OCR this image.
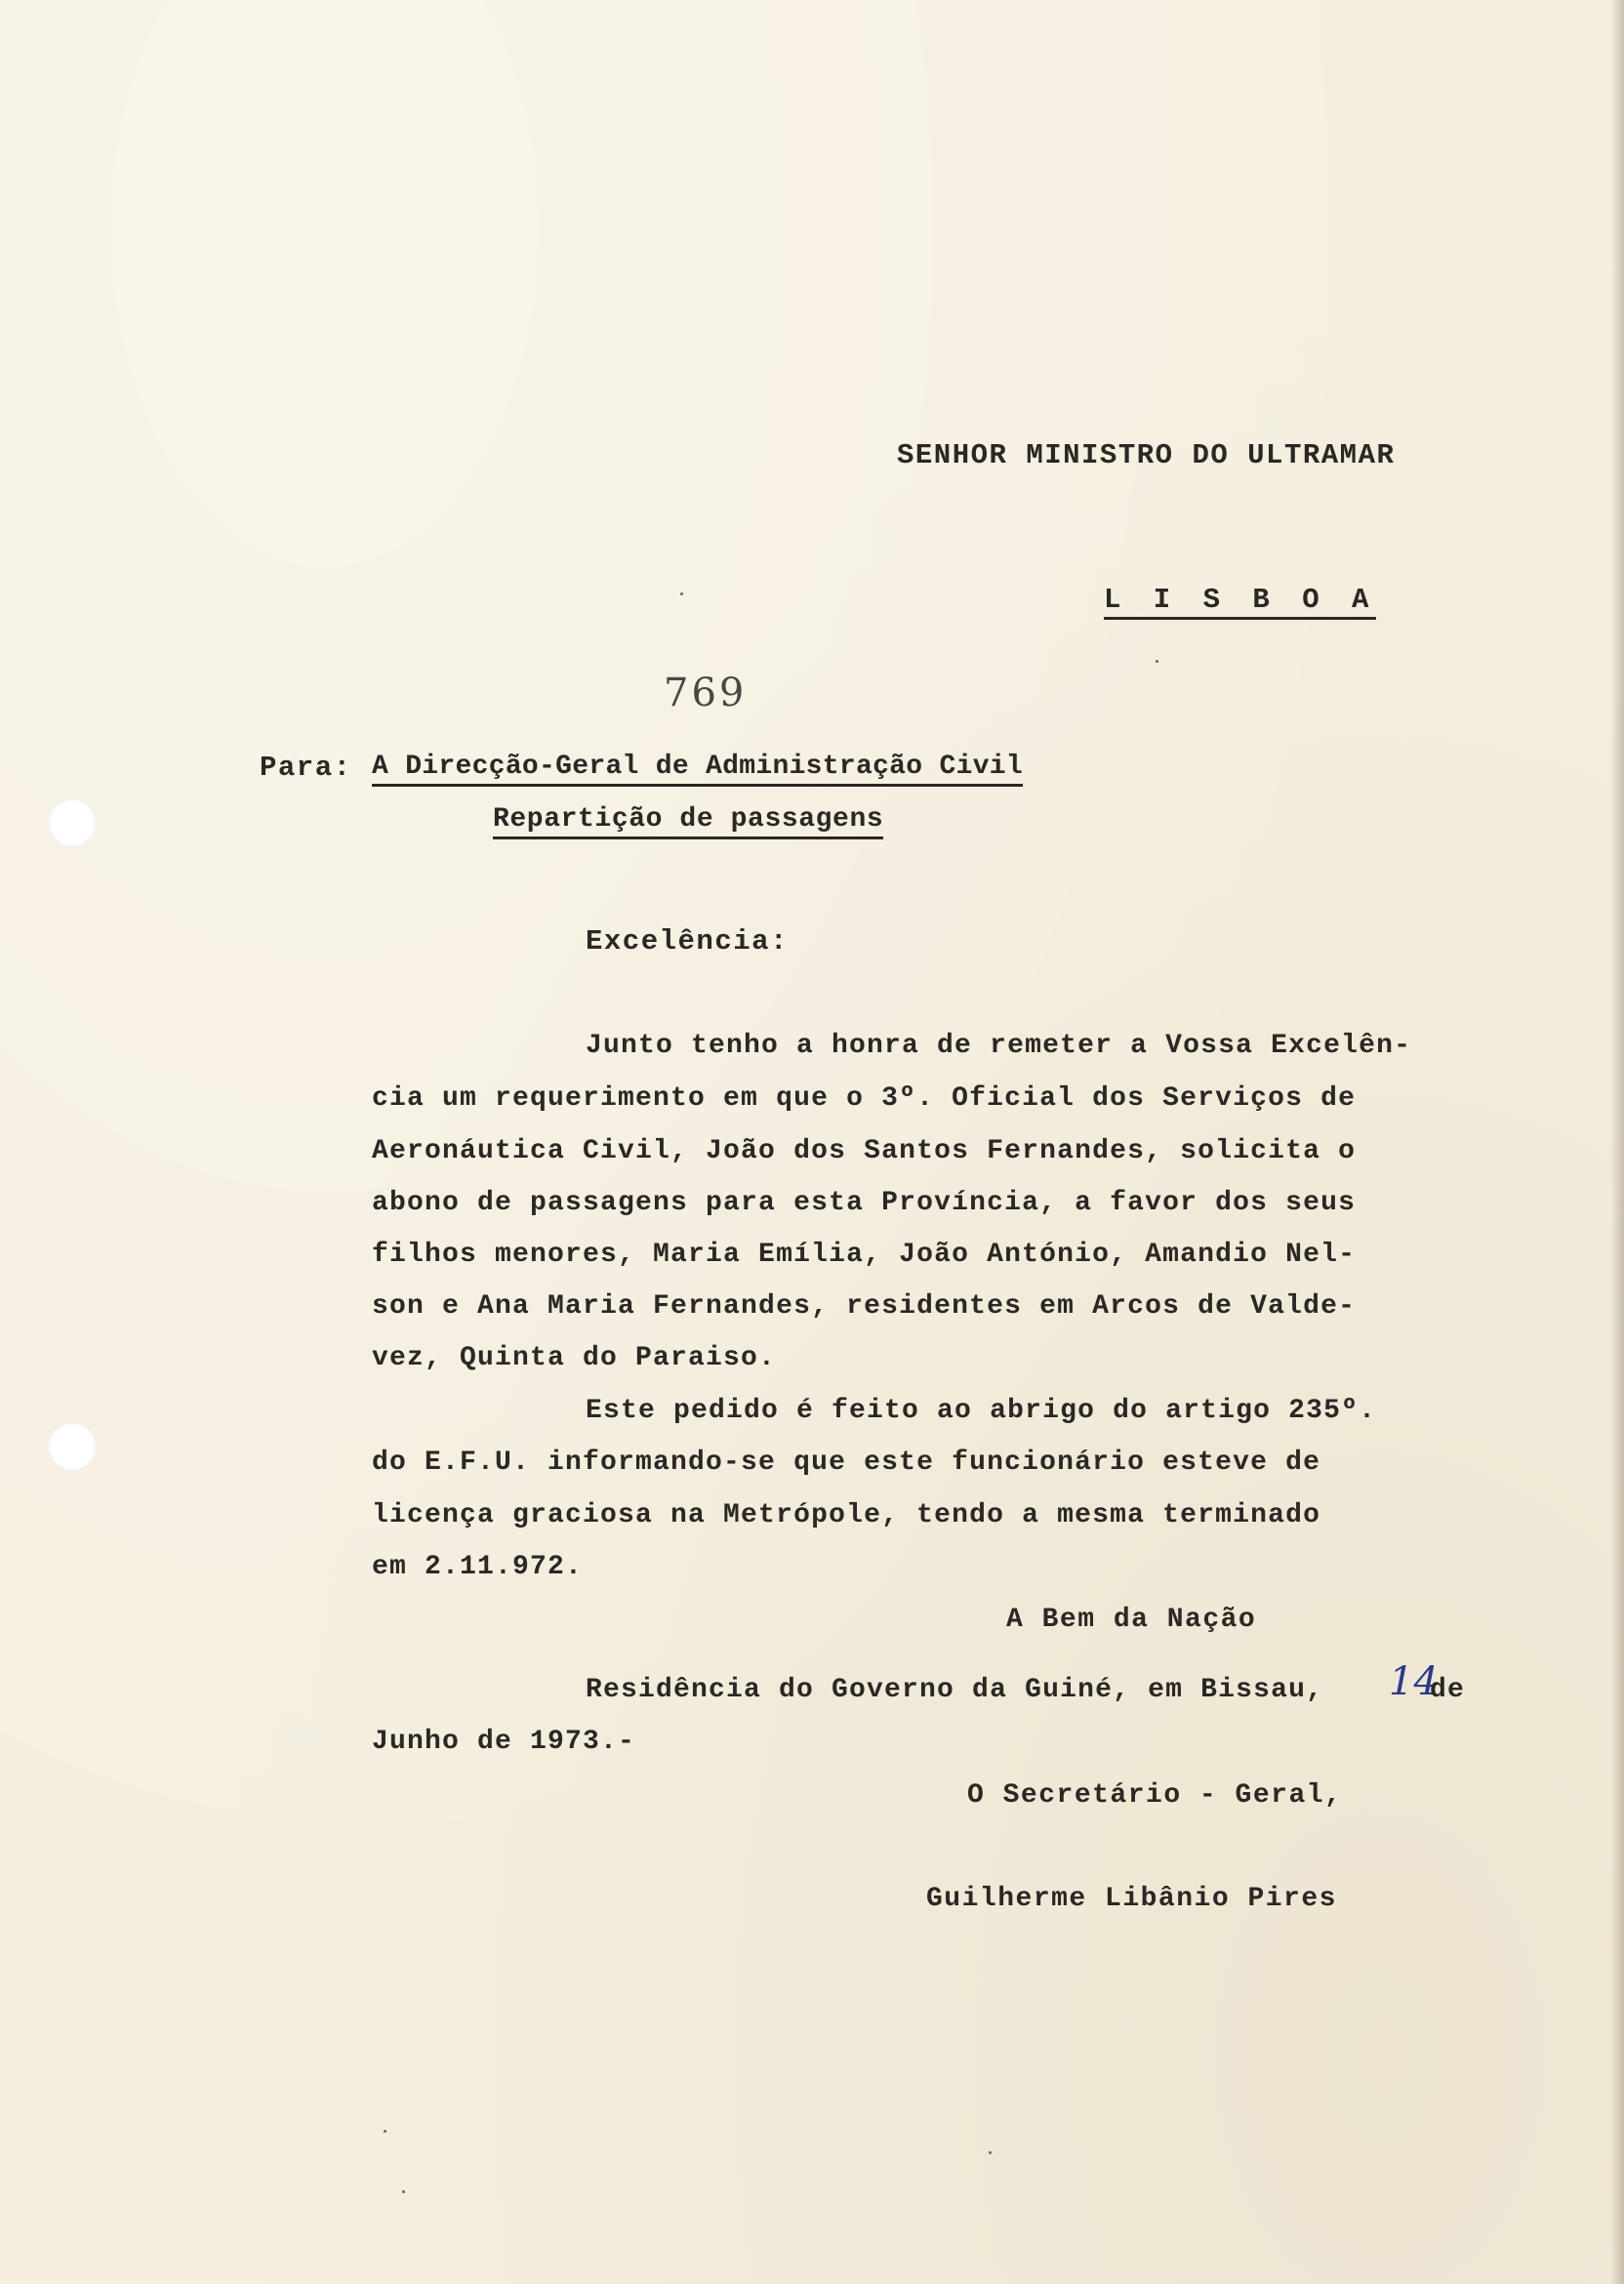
SENHOR MINISTRO DO ULTRAMAR
L I S B O A
769
Para: A Direcção-Geral de Administração Civil
Repartição de passagens
Excelência:
Junto tenho a honra de remeter a Vossa Excelên-
cia um requerimento em que o 3º. Oficial dos Serviços de
Aeronáutica Civil, João dos Santos Fernandes, solicita o
abono de passagens para esta Província, a favor dos seus
filhos menores, Maria Emília, João António, Amandio Nel-
son e Ana Maria Fernandes, residentes em Arcos de Valde-
vez, Quinta do Paraiso.
Este pedido é feito ao abrigo do artigo 235º.
do E.F.U. informando-se que este funcionário esteve de
licença graciosa na Metrópole, tendo a mesma terminado
em 2.11.972.
A Bem da Nação
Residência do Governo da Guiné, em Bissau, 14
de
Junho de 1973.-
O Secretário - Geral,
Guilherme Libânio Pires
